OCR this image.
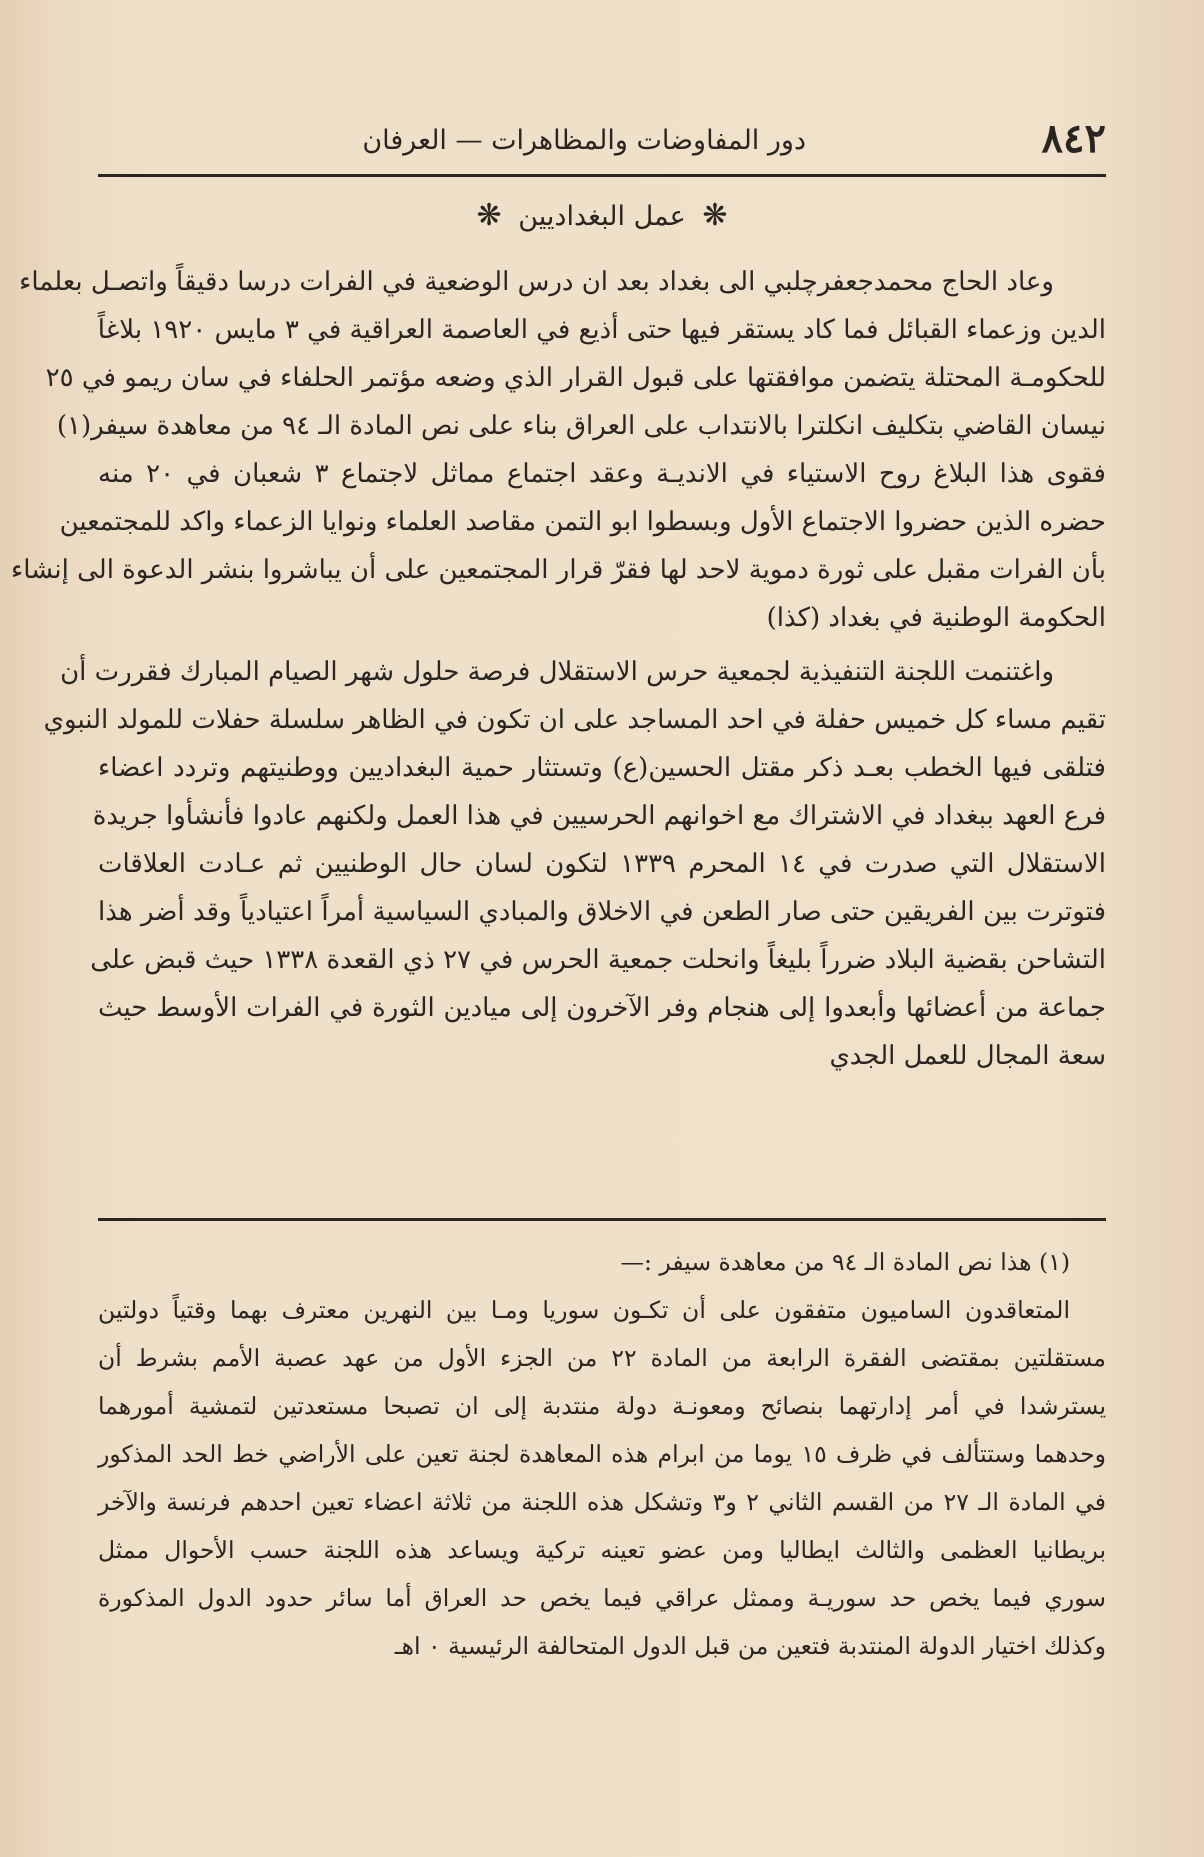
٨٤٢
دور المفاوضات والمظاهرات — العرفان
❋ عمل البغداديين ❋
وعاد الحاج محمدجعفرچلبي الى بغداد بعد ان درس الوضعية في الفرات درسا دقيقاً واتصـل بعلماء
الدين وزعماء القبائل فما كاد يستقر فيها حتى أذيع في العاصمة العراقية في ٣ مايس ١٩٢٠ بلاغاً
للحكومـة المحتلة يتضمن موافقتها على قبول القرار الذي وضعه مؤتمر الحلفاء في سان ريمو في ٢٥
نيسان القاضي بتكليف انكلترا بالانتداب على العراق بناء على نص المادة الـ ٩٤ من معاهدة سيفر(١)
فقوى هذا البلاغ روح الاستياء في الانديـة وعقد اجتماع مماثل لاجتماع ٣ شعبان في ٢٠ منه
حضره الذين حضروا الاجتماع الأول وبسطوا ابو التمن مقاصد العلماء ونوايا الزعماء واكد للمجتمعين
بأن الفرات مقبل على ثورة دموية لاحد لها فقرّ قرار المجتمعين على أن يباشروا بنشر الدعوة الى إنشاء
الحكومة الوطنية في بغداد (كذا)
واغتنمت اللجنة التنفيذية لجمعية حرس الاستقلال فرصة حلول شهر الصيام المبارك فقررت أن
تقيم مساء كل خميس حفلة في احد المساجد على ان تكون في الظاهر سلسلة حفلات للمولد النبوي
فتلقى فيها الخطب بعـد ذكر مقتل الحسين(ع) وتستثار حمية البغداديين ووطنيتهم وتردد اعضاء
فرع العهد ببغداد في الاشتراك مع اخوانهم الحرسيين في هذا العمل ولكنهم عادوا فأنشأوا جريدة
الاستقلال التي صدرت في ١٤ المحرم ١٣٣٩ لتكون لسان حال الوطنيين ثم عـادت العلاقات
فتوترت بين الفريقين حتى صار الطعن في الاخلاق والمبادي السياسية أمراً اعتيادياً وقد أضر هذا
التشاحن بقضية البلاد ضرراً بليغاً وانحلت جمعية الحرس في ٢٧ ذي القعدة ١٣٣٨ حيث قبض على
جماعة من أعضائها وأبعدوا إلى هنجام وفر الآخرون إلى ميادين الثورة في الفرات الأوسط حيث
سعة المجال للعمل الجدي
(١) هذا نص المادة الـ ٩٤ من معاهدة سيفر :—
المتعاقدون الساميون متفقون على أن تكـون سوريا ومـا بين النهرين معترف بهما وقتياً دولتين
مستقلتين بمقتضى الفقرة الرابعة من المادة ٢٢ من الجزء الأول من عهد عصبة الأمم بشرط أن
يسترشدا في أمر إدارتهما بنصائح ومعونـة دولة منتدبة إلى ان تصبحا مستعدتين لتمشية أمورهما
وحدهما وستتألف في ظرف ١٥ يوما من ابرام هذه المعاهدة لجنة تعين على الأراضي خط الحد المذكور
في المادة الـ ٢٧ من القسم الثاني ٢ و٣ وتشكل هذه اللجنة من ثلاثة اعضاء تعين احدهم فرنسة والآخر
بريطانيا العظمى والثالث ايطاليا ومن عضو تعينه تركية ويساعد هذه اللجنة حسب الأحوال ممثل
سوري فيما يخص حد سوريـة وممثل عراقي فيما يخص حد العراق أما سائر حدود الدول المذكورة
وكذلك اختيار الدولة المنتدبة فتعين من قبل الدول المتحالفة الرئيسية ٠ اهـ
